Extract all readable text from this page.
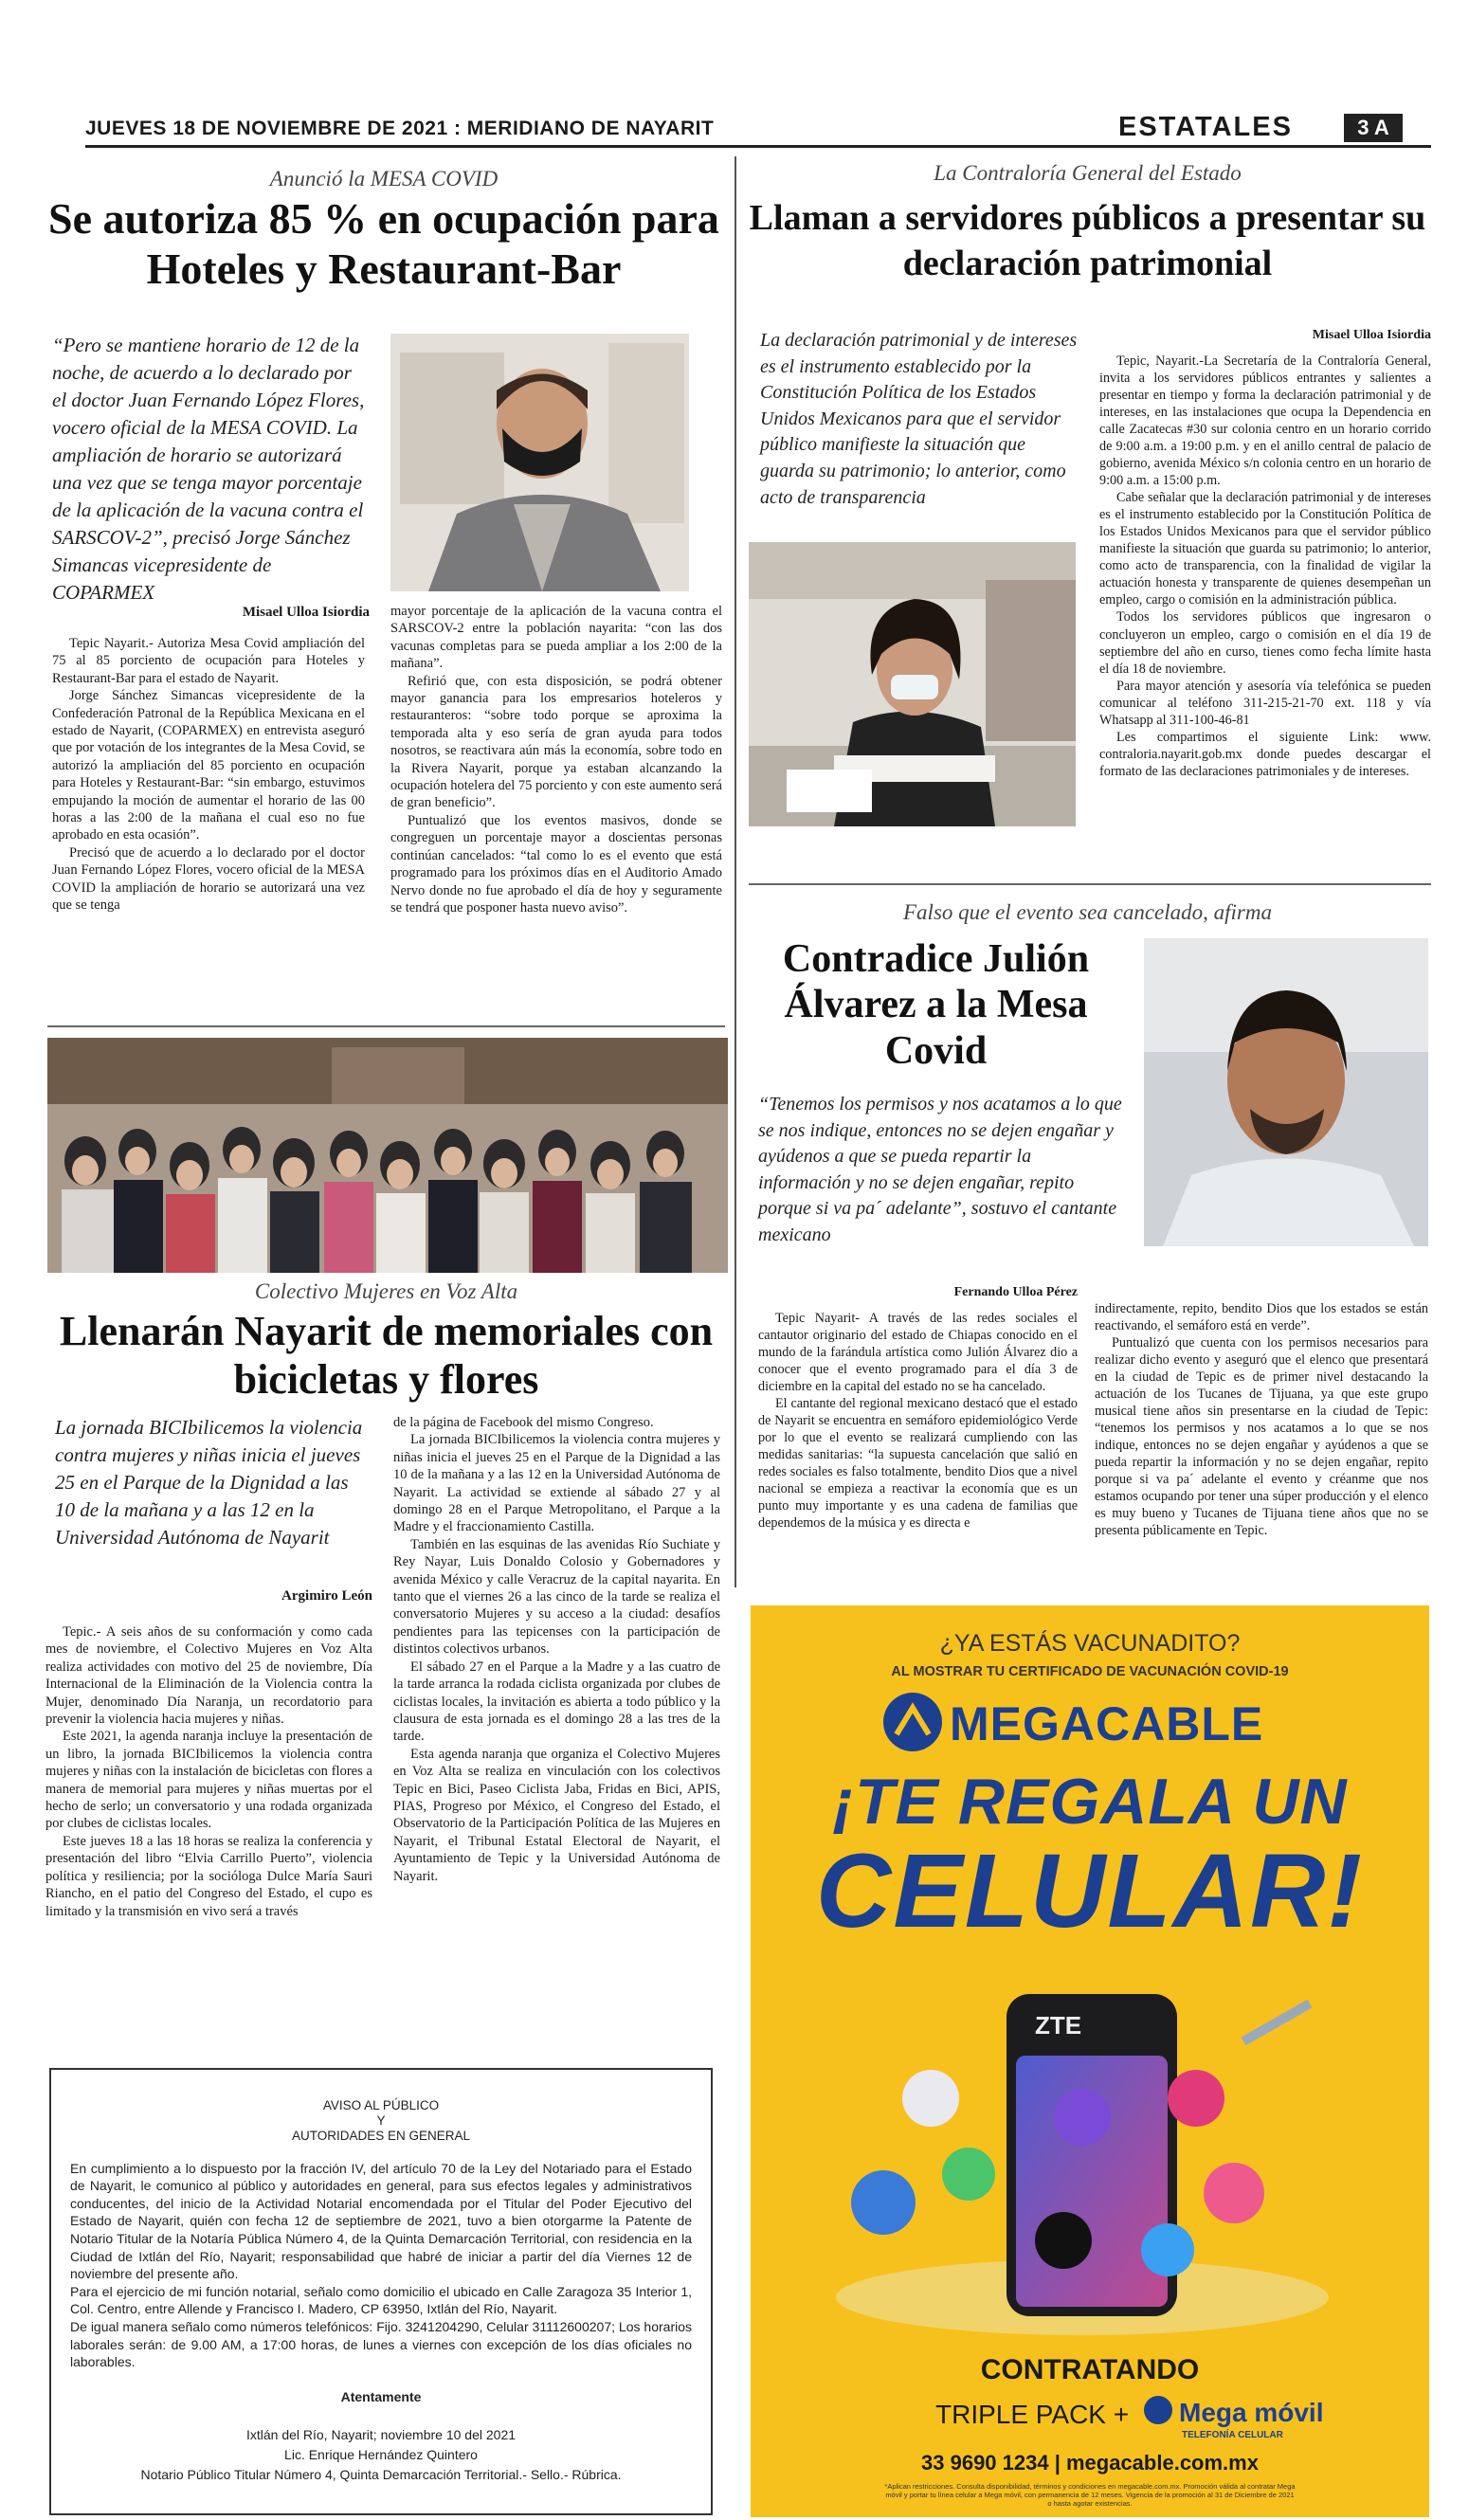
JUEVES 18 DE NOVIEMBRE DE 2021 : MERIDIANO DE NAYARIT	ESTATALES	3 A
Anunció la MESA COVID
Se autoriza 85 % en ocupación para Hoteles y Restaurant-Bar
“Pero se mantiene horario de 12 de la noche, de acuerdo a lo declarado por el doctor Juan Fernando López Flores, vocero oficial de la MESA COVID. La ampliación de horario se autorizará una vez que se tenga mayor porcentaje de la aplicación de la vacuna contra el SARSCOV-2”, precisó Jorge Sánchez Simancas vicepresidente de COPARMEX
Misael Ulloa Isiordia

Tepic Nayarit.- Autoriza Mesa Covid ampliación del 75 al 85 porciento de ocupación para Hoteles y Restaurant-Bar para el estado de Nayarit.

Jorge Sánchez Simancas vicepresidente de la Confederación Patronal de la República Mexicana en el estado de Nayarit, (COPARMEX) en entrevista aseguró que por votación de los integrantes de la Mesa Covid, se autorizó la ampliación del 85 porciento en ocupación para Hoteles y Restaurant-Bar: “sin embargo, estuvimos empujando la moción de aumentar el horario de las 00 horas a las 2:00 de la mañana el cual eso no fue aprobado en esta ocasión”.

Precisó que de acuerdo a lo declarado por el doctor Juan Fernando López Flores, vocero oficial de la MESA COVID la ampliación de horario se autorizará una vez que se tenga

mayor porcentaje de la aplicación de la vacuna contra el SARSCOV-2 entre la población nayarita: “con las dos vacunas completas para se pueda ampliar a los 2:00 de la mañana”.

Refirió que, con esta disposición, se podrá obtener mayor ganancia para los empresarios hoteleros y restauranteros: “sobre todo porque se aproxima la temporada alta y eso sería de gran ayuda para todos nosotros, se reactivara aún más la economía, sobre todo en la Rivera Nayarit, porque ya estaban alcanzando la ocupación hotelera del 75 porciento y con este aumento será de gran beneficio”.

Puntualizó que los eventos masivos, donde se congreguen un porcentaje mayor a doscientas personas continúan cancelados: “tal como lo es el evento que está programado para los próximos días en el Auditorio Amado Nervo donde no fue aprobado el día de hoy y seguramente se tendrá que posponer hasta nuevo aviso”.

Colectivo Mujeres en Voz Alta
Llenarán Nayarit de memoriales con bicicletas y flores
La jornada BICIbilicemos la violencia contra mujeres y niñas inicia el jueves 25 en el Parque de la Dignidad a las 10 de la mañana y a las 12 en la Universidad Autónoma de Nayarit
Argimiro León

Tepic.- A seis años de su conformación y como cada mes de noviembre, el Colectivo Mujeres en Voz Alta realiza actividades con motivo del 25 de noviembre, Día Internacional de la Eliminación de la Violencia contra la Mujer, denominado Día Naranja, un recordatorio para prevenir la violencia hacia mujeres y niñas.

Este 2021, la agenda naranja incluye la presentación de un libro, la jornada BICIbilicemos la violencia contra mujeres y niñas con la instalación de bicicletas con flores a manera de memorial para mujeres y niñas muertas por el hecho de serlo; un conversatorio y una rodada organizada por clubes de ciclistas locales.

Este jueves 18 a las 18 horas se realiza la conferencia y presentación del libro “Elvia Carrillo Puerto”, violencia política y resiliencia; por la socióloga Dulce María Sauri Riancho, en el patio del Congreso del Estado, el cupo es limitado y la transmisión en vivo será a través

de la página de Facebook del mismo Congreso.

La jornada BICIbilicemos la violencia contra mujeres y niñas inicia el jueves 25 en el Parque de la Dignidad a las 10 de la mañana y a las 12 en la Universidad Autónoma de Nayarit. La actividad se extiende al sábado 27 y al domingo 28 en el Parque Metropolitano, el Parque a la Madre y el fraccionamiento Castilla.

También en las esquinas de las avenidas Río Suchiate y Rey Nayar, Luis Donaldo Colosio y Gobernadores y avenida México y calle Veracruz de la capital nayarita. En tanto que el viernes 26 a las cinco de la tarde se realiza el conversatorio Mujeres y su acceso a la ciudad: desafíos pendientes para las tepicenses con la participación de distintos colectivos urbanos.

El sábado 27 en el Parque a la Madre y a las cuatro de la tarde arranca la rodada ciclista organizada por clubes de ciclistas locales, la invitación es abierta a todo público y la clausura de esta jornada es el domingo 28 a las tres de la tarde.

Esta agenda naranja que organiza el Colectivo Mujeres en Voz Alta se realiza en vinculación con los colectivos Tepic en Bici, Paseo Ciclista Jaba, Fridas en Bici, APIS, PIAS, Progreso por México, el Congreso del Estado, el Observatorio de la Participación Política de las Mujeres en Nayarit, el Tribunal Estatal Electoral de Nayarit, el Ayuntamiento de Tepic y la Universidad Autónoma de Nayarit.

La Contraloría General del Estado
Llaman a servidores públicos a presentar su declaración patrimonial
Misael Ulloa Isiordia
La declaración patrimonial y de intereses es el instrumento establecido por la Constitución Política de los Estados Unidos Mexicanos para que el servidor público manifieste la situación que guarda su patrimonio; lo anterior, como acto de transparencia

Tepic, Nayarit.-La Secretaría de la Contraloría General, invita a los servidores públicos entrantes y salientes a presentar en tiempo y forma la declaración patrimonial y de intereses, en las instalaciones que ocupa la Dependencia en calle Zacatecas #30 sur colonia centro en un horario corrido de 9:00 a.m. a 19:00 p.m. y en el anillo central de palacio de gobierno, avenida México s/n colonia centro en un horario de 9:00 a.m. a 15:00 p.m.

Cabe señalar que la declaración patrimonial y de intereses es el instrumento establecido por la Constitución Política de los Estados Unidos Mexicanos para que el servidor público manifieste la situación que guarda su patrimonio; lo anterior, como acto de transparencia, con la finalidad de vigilar la actuación honesta y transparente de quienes desempeñan un empleo, cargo o comisión en la administración pública.

Todos los servidores públicos que ingresaron o concluyeron un empleo, cargo o comisión en el día 19 de septiembre del año en curso, tienes como fecha límite hasta el día 18 de noviembre.

Para mayor atención y asesoría vía telefónica se pueden comunicar al teléfono 311-215-21-70 ext. 118 y vía Whatsapp al 311-100-46-81

Les compartimos el siguiente Link: www. contraloria.nayarit.gob.mx donde puedes descargar el formato de las declaraciones patrimoniales y de intereses.

Falso que el evento sea cancelado, afirma
Contradice Julión Álvarez a la Mesa Covid
“Tenemos los permisos y nos acatamos a lo que se nos indique, entonces no se dejen engañar y ayúdenos a que se pueda repartir la información y no se dejen engañar, repito porque si va pa´ adelante”, sostuvo el cantante mexicano
Fernando Ulloa Pérez

Tepic Nayarit- A través de las redes sociales el cantautor originario del estado de Chiapas conocido en el mundo de la farándula artística como Julión Álvarez dio a conocer que el evento programado para el día 3 de diciembre en la capital del estado no se ha cancelado.

El cantante del regional mexicano destacó que el estado de Nayarit se encuentra en semáforo epidemiológico Verde por lo que el evento se realizará cumpliendo con las medidas sanitarias: “la supuesta cancelación que salió en redes sociales es falso totalmente, bendito Dios que a nivel nacional se empieza a reactivar la economía que es un punto muy importante y es una cadena de familias que dependemos de la música y es directa e

indirectamente, repito, bendito Dios que los estados se están reactivando, el semáforo está en verde”.

Puntualizó que cuenta con los permisos necesarios para realizar dicho evento y aseguró que el elenco que presentará en la ciudad de Tepic es de primer nivel destacando la actuación de los Tucanes de Tijuana, ya que este grupo musical tiene años sin presentarse en la ciudad de Tepic: “tenemos los permisos y nos acatamos a lo que se nos indique, entonces no se dejen engañar y ayúdenos a que se pueda repartir la información y no se dejen engañar, repito porque si va pa´ adelante el evento y créanme que nos estamos ocupando por tener una súper producción y el elenco es muy bueno y Tucanes de Tijuana tiene años que no se presenta públicamente en Tepic.

AVISO AL PÚBLICO
Y
AUTORIDADES EN GENERAL
En cumplimiento a lo dispuesto por la fracción IV, del artículo 70 de la Ley del Notariado para el Estado de Nayarit, le comunico al público y autoridades en general, para sus efectos legales y administrativos conducentes, del inicio de la Actividad Notarial encomendada por el Titular del Poder Ejecutivo del Estado de Nayarit, quién con fecha 12 de septiembre de 2021, tuvo a bien otorgarme la Patente de Notario Titular de la Notaría Pública Número 4, de la Quinta Demarcación Territorial, con residencia en la Ciudad de Ixtlán del Río, Nayarit; responsabilidad que habré de iniciar a partir del día Viernes 12 de noviembre del presente año.
Para el ejercicio de mi función notarial, señalo como domicilio el ubicado en Calle Zaragoza 35 Interior 1, Col. Centro, entre Allende y Francisco I. Madero, CP 63950, Ixtlán del Río, Nayarit.
De igual manera señalo como números telefónicos: Fijo. 3241204290, Celular 31112600207; Los horarios laborales serán: de 9.00 AM, a 17:00 horas, de lunes a viernes con excepción de los días oficiales no laborables.
Atentamente
Ixtlán del Río, Nayarit; noviembre 10 del 2021
Lic. Enrique Hernández Quintero
Notario Público Titular Número 4, Quinta Demarcación Territorial.- Sello.- Rúbrica.
¿YA ESTÁS VACUNADITO?
AL MOSTRAR TU CERTIFICADO DE VACUNACIÓN COVID-19
MEGACABLE
¡TE REGALA UN
CELULAR!
ZTE
CONTRATANDO
TRIPLE PACK + Mega móvil
TELEFONÍA CELULAR
33 9690 1234 | megacable.com.mx
*Aplican restricciones. Consulta disponibilidad, términos y condiciones en megacable.com.mx. Promoción válida al contratar Mega móvil y portar tu línea celular a Mega móvil, con permanencia de 12 meses. Vigencia de la promoción al 31 de Diciembre de 2021 o hasta agotar existencias.
